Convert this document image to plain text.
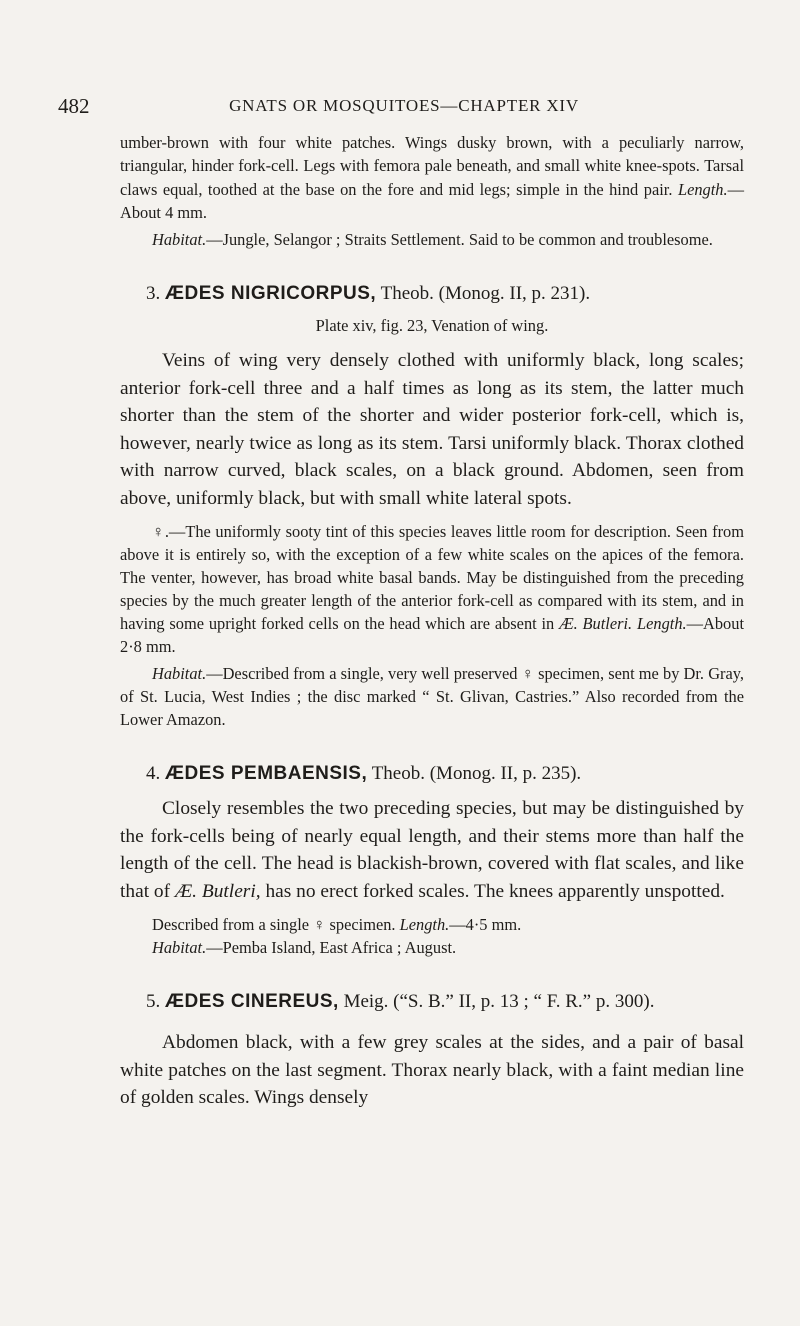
482	GNATS OR MOSQUITOES—CHAPTER XIV

umber-brown with four white patches. Wings dusky brown, with a peculiarly narrow, triangular, hinder fork-cell. Legs with femora pale beneath, and small white knee-spots. Tarsal claws equal, toothed at the base on the fore and mid legs; simple in the hind pair. Length.— About 4 mm.

Habitat.—Jungle, Selangor ; Straits Settlement. Said to be common and troublesome.

3. ÆDES NIGRICORPUS, Theob. (Monog. II, p. 231).
Plate xiv, fig. 23, Venation of wing.

Veins of wing very densely clothed with uniformly black, long scales; anterior fork-cell three and a half times as long as its stem, the latter much shorter than the stem of the shorter and wider posterior fork-cell, which is, however, nearly twice as long as its stem. Tarsi uniformly black. Thorax clothed with narrow curved, black scales, on a black ground. Abdomen, seen from above, uniformly black, but with small white lateral spots.

♀.—The uniformly sooty tint of this species leaves little room for description. Seen from above it is entirely so, with the exception of a few white scales on the apices of the femora. The venter, however, has broad white basal bands. May be distinguished from the preceding species by the much greater length of the anterior fork-cell as compared with its stem, and in having some upright forked cells on the head which are absent in Æ. Butleri. Length.—About 2·8 mm.

Habitat.—Described from a single, very well preserved ♀ specimen, sent me by Dr. Gray, of St. Lucia, West Indies ; the disc marked “ St. Glivan, Castries.” Also recorded from the Lower Amazon.

4. ÆDES PEMBAENSIS, Theob. (Monog. II, p. 235).

Closely resembles the two preceding species, but may be distinguished by the fork-cells being of nearly equal length, and their stems more than half the length of the cell. The head is blackish-brown, covered with flat scales, and like that of Æ. Butleri, has no erect forked scales. The knees apparently unspotted.

Described from a single ♀ specimen. Length.—4·5 mm.

Habitat.—Pemba Island, East Africa ; August.

5. ÆDES CINEREUS, Meig. (“S. B.” II, p. 13 ; “ F. R.” p. 300).

Abdomen black, with a few grey scales at the sides, and a pair of basal white patches on the last segment. Thorax nearly black, with a faint median line of golden scales. Wings densely
